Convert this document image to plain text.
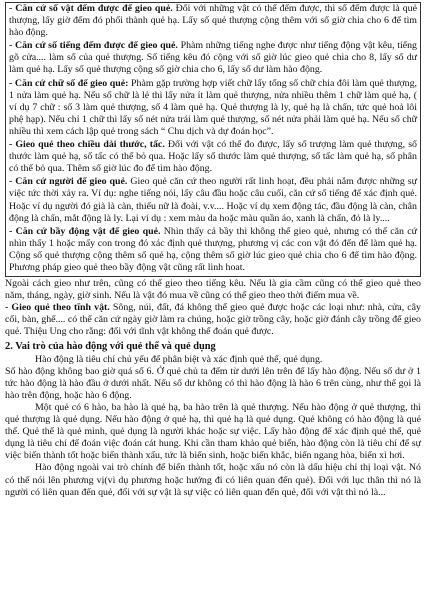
- Căn cứ số vật đếm được để gieo quẻ. Đối với những vật có thể đếm được, thì số đếm được là quẻ thượng, lấy giờ đếm đó phối thành quẻ hạ. Lấy số quẻ thượng cộng thêm với số giờ chia cho 6 để tìm hào động.

- Căn cứ số tiếng đếm được để gieo quẻ. Phàm những tiếng nghe được như tiếng động vật kêu, tiếng gõ cửa.... làm số của quẻ thượng. Số tiếng kêu đó cộng với số giờ lúc gieo quẻ chia cho 8, lấy số dư làm quẻ hạ. Lấy số quẻ thượng cộng số giờ chia cho 6, lấy số dư làm hào động.

- Căn cứ chữ số để gieo quẻ: Phàm gặp trường hợp viết chữ lấy tổng số chữ chia đôi làm quẻ thượng, 1 nửa làm quẻ hạ. Nếu số chữ là lẻ thì lấy nửa ít làm quẻ thượng, nửa nhiều thêm 1 chữ làm quẻ hạ, ( ví dụ 7 chữ : số 3 làm quẻ thượng, số 4 làm quẻ hạ. Quẻ thượng là ly, quẻ hạ là chấn, tức quẻ hoả lôi phệ hạp). Nếu chỉ 1 chữ thì lấy số nét nửa trái làm quẻ thượng, số nét nửa phải làm quẻ hạ. Nếu số chữ nhiều thì xem cách lập quẻ trong sách “ Chu dịch và dự đoán học”.

- Gieo quẻ theo chiều dài thước, tấc. Đối với vật có thể đo được, lấy số trượng làm quẻ thượng, số thước làm quẻ hạ, số tấc có thể bỏ qua. Hoặc lấy số thước làm quẻ thượng, số tấc làm quẻ hạ, số phân có thể bỏ qua. Thêm số giờ lúc đo để tìm hào động.

- Căn cứ người để gieo quẻ. Gieo quẻ căn cứ theo người rất linh hoạt, đều phải nắm được những sự việc tức thời xảy ra. Ví dụ: nghe tiếng nói, lấy câu đầu hoặc câu cuối, căn cứ số tiếng để xác định quẻ. Hoặc ví dụ người đó già là càn, thiếu nữ là đoài, v.v.... Hoặc ví dụ xem động tác, đầu động là càn, chân động là chấn, mắt động là ly. Lại ví dụ : xem màu da hoặc màu quần áo, xanh là chấn, đỏ là ly....

- Căn cứ bầy động vật để gieo quẻ. Nhìn thấy cả bầy thì không thể gieo quẻ, nhưng có thể căn cứ nhìn thấy 1 hoặc mấy con trong đó xác định quẻ thượng, phương vị các con vật đó đến để làm quẻ hạ. Cộng số quẻ thượng cộng thêm số quẻ hạ, cộng thêm số giờ lúc gieo quẻ chia cho 6 để tìm hào động. Phương pháp gieo quẻ theo bầy động vật cũng rất linh hoat.

Ngoài cách gieo như trên, cũng có thể gieo theo tiếng kêu. Nếu là gia cầm cũng có thể gieo quẻ theo năm, tháng, ngày, giờ sinh. Nếu là vật đó mua về cũng có thể gieo theo thời điểm mua về.

- Gieo quẻ theo tĩnh vật. Sông, núi, đất, đá không thể gieo quẻ được hoặc các loại như: nhà, cửa, cây cối, bàn, ghế.... có thể căn cứ ngày giờ làm ra chúng, hoặc giờ trồng cây, hoặc giờ đánh cây trồng để gieo quẻ. Thiệu Ung cho rằng: đối với tĩnh vật không thể đoán quẻ được.

2. Vai trò của hào động với quẻ thể và quẻ dụng

Hào động là tiêu chí chủ yếu để phân biệt và xác định quẻ thể, quẻ dụng.

Số hào động không bao giờ quá số 6. Ở quẻ chủ ta đếm từ dưới lên trên để lấy hào động. Nếu số dư ở 1 tức hào động là hào đầu ở dưới nhất. Nếu số dư không có thì hào động là hào 6 trên cùng, như thế gọi là hào trên động, hoặc hào 6 động.

Một quẻ có 6 hào, ba hào là quẻ hạ, ba hào trên là quẻ thượng. Nếu hào động ở quẻ thượng, thì quẻ thượng là quẻ dụng. Nếu hào động ở quẻ hạ, thì quẻ hạ là quẻ dụng. Quẻ không có hào động là quẻ thể. Quẻ thể là quẻ mình, quẻ dụng là người khác hoặc sự việc. Lấy hào động để xác định quẻ thể, quẻ dụng là tiêu chí để đoán việc đoán cát hung. Khi cần tham khảo quẻ biến, hào động còn là tiêu chí để sự việc biến thành tốt hoặc biến thành xấu, tức là biến sinh, hoặc biến khắc, biến ngang hòa, biến xì hơi.

Hào động ngoài vai trò chính để biến thành tốt, hoặc xấu nó còn là dấu hiệu chỉ thị loại vật. Nó có thể nói lên phương vị(vì dụ phương hoặc hướng đi có liên quan đến quẻ). Đối với lục thân thì nó là người có liên quan đến quẻ, đối với sự vật là sự việc có liên quan đến quẻ, đối với vật thì nó là...
